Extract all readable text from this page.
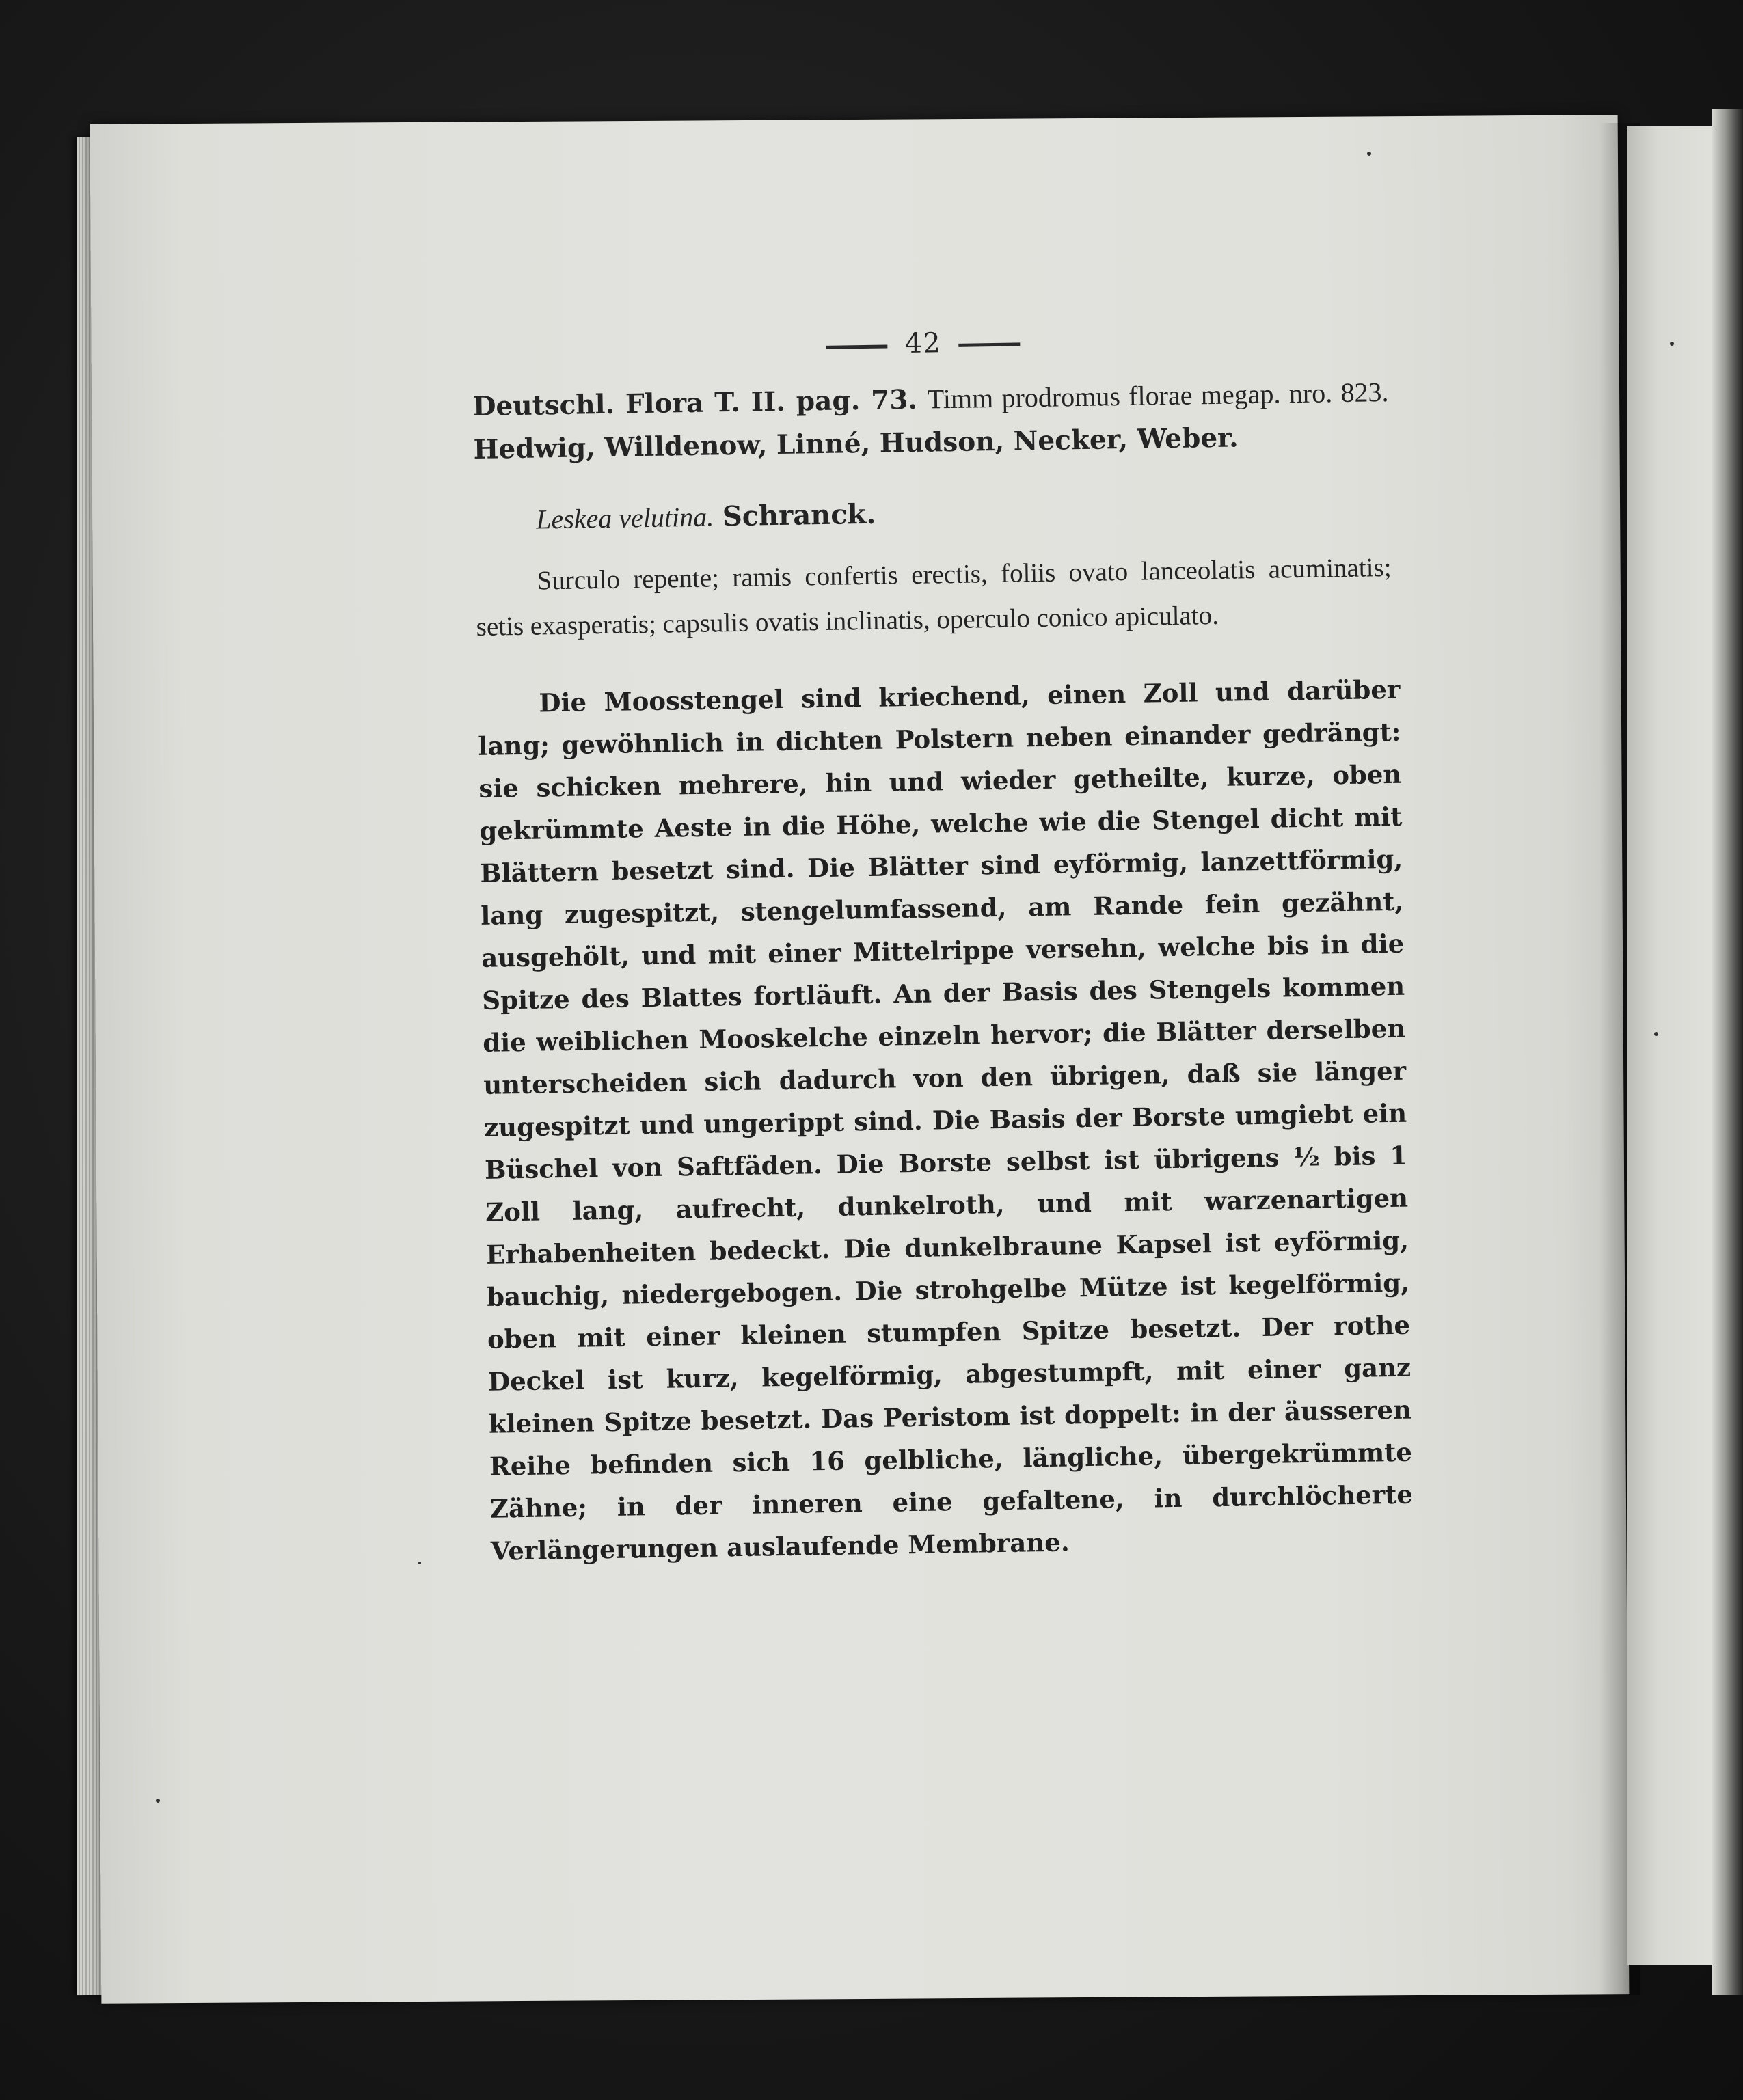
42
Deutschl. Flora T. II. pag. 73. Timm prodromus florae megap. nro. 823. Hedwig, Willdenow, Linné, Hudson, Necker, Weber.
Leskea velutina. Schranck.
Surculo repente; ramis confertis erectis, foliis ovato lanceolatis acuminatis; setis exasperatis; capsulis ovatis inclinatis, operculo conico apiculato.
Die Moosstengel sind kriechend, einen Zoll und darüber lang; gewöhnlich in dichten Polstern neben einander gedrängt: sie schicken mehrere, hin und wieder getheilte, kurze, oben gekrümmte Aeste in die Höhe, welche wie die Stengel dicht mit Blättern besetzt sind. Die Blätter sind eyförmig, lanzettförmig, lang zugespitzt, stengelumfassend, am Rande fein gezähnt, ausgehölt, und mit einer Mittelrippe versehn, welche bis in die Spitze des Blattes fortläuft. An der Basis des Stengels kommen die weiblichen Mooskelche einzeln hervor; die Blätter derselben unterscheiden sich dadurch von den übrigen, daß sie länger zugespitzt und ungerippt sind. Die Basis der Borste umgiebt ein Büschel von Saftfäden. Die Borste selbst ist übrigens ½ bis 1 Zoll lang, aufrecht, dunkelroth, und mit warzenartigen Erhabenheiten bedeckt. Die dunkelbraune Kapsel ist eyförmig, bauchig, niedergebogen. Die strohgelbe Mütze ist kegelförmig, oben mit einer kleinen stumpfen Spitze besetzt. Der rothe Deckel ist kurz, kegelförmig, abgestumpft, mit einer ganz kleinen Spitze besetzt. Das Peristom ist doppelt: in der äusseren Reihe befinden sich 16 gelbliche, längliche, übergekrümmte Zähne; in der inneren eine gefaltene, in durchlöcherte Verlängerungen auslaufende Membrane.
